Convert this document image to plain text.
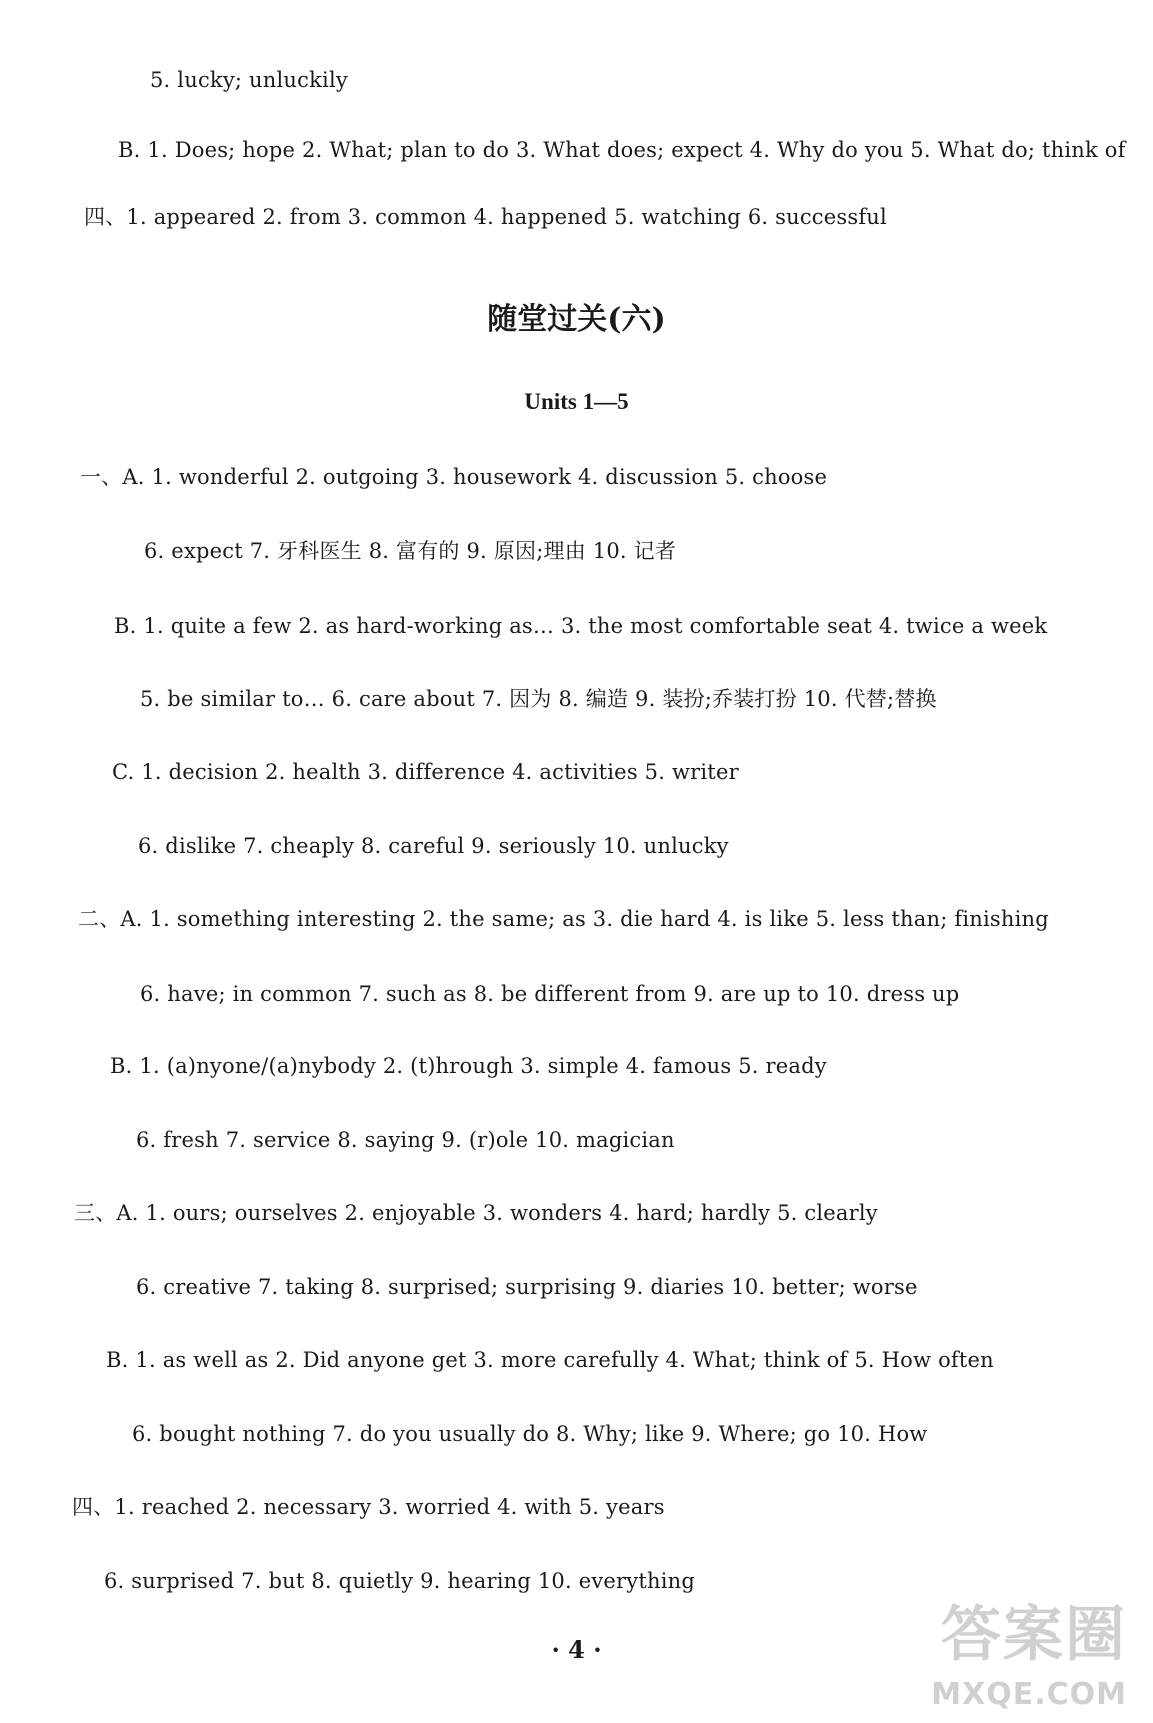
5. lucky; unluckily
B. 1. Does; hope 2. What; plan to do 3. What does; expect 4. Why do you 5. What do; think of
四、1. appeared 2. from 3. common 4. happened 5. watching 6. successful
随堂过关(六)
Units 1—5
一、A. 1. wonderful 2. outgoing 3. housework 4. discussion 5. choose
6. expect 7. 牙科医生 8. 富有的 9. 原因;理由 10. 记者
B. 1. quite a few 2. as hard-working as… 3. the most comfortable seat 4. twice a week
5. be similar to… 6. care about 7. 因为 8. 编造 9. 装扮;乔装打扮 10. 代替;替换
C. 1. decision 2. health 3. difference 4. activities 5. writer
6. dislike 7. cheaply 8. careful 9. seriously 10. unlucky
二、A. 1. something interesting 2. the same; as 3. die hard 4. is like 5. less than; finishing
6. have; in common 7. such as 8. be different from 9. are up to 10. dress up
B. 1. (a)nyone/(a)nybody 2. (t)hrough 3. simple 4. famous 5. ready
6. fresh 7. service 8. saying 9. (r)ole 10. magician
三、A. 1. ours; ourselves 2. enjoyable 3. wonders 4. hard; hardly 5. clearly
6. creative 7. taking 8. surprised; surprising 9. diaries 10. better; worse
B. 1. as well as 2. Did anyone get 3. more carefully 4. What; think of 5. How often
6. bought nothing 7. do you usually do 8. Why; like 9. Where; go 10. How
四、1. reached 2. necessary 3. worried 4. with 5. years
6. surprised 7. but 8. quietly 9. hearing 10. everything
· 4 ·	答案圈
MXQE.COM
